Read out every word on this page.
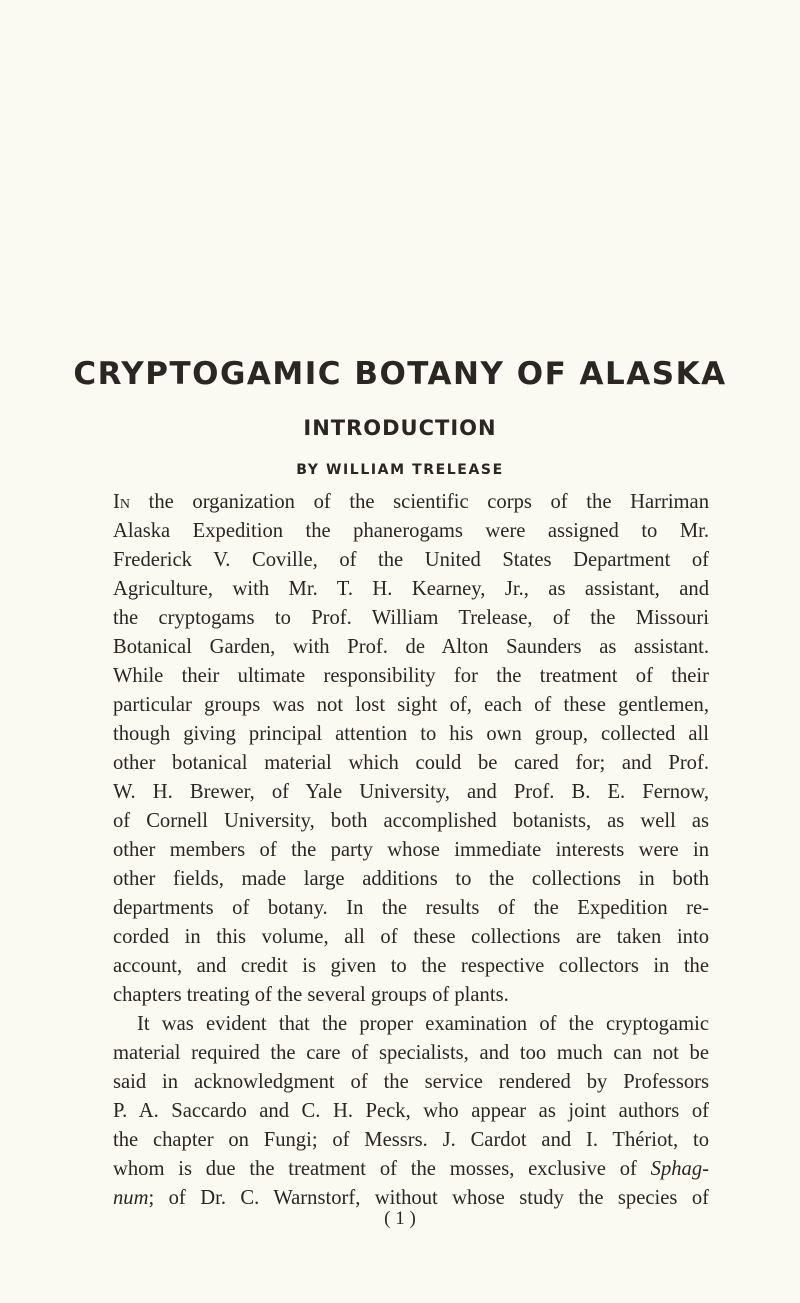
CRYPTOGAMIC BOTANY OF ALASKA
INTRODUCTION
BY WILLIAM TRELEASE
In the organization of the scientific corps of the Harriman
Alaska Expedition the phanerogams were assigned to Mr.
Frederick V. Coville, of the United States Department of
Agriculture, with Mr. T. H. Kearney, Jr., as assistant, and
the cryptogams to Prof. William Trelease, of the Missouri
Botanical Garden, with Prof. de Alton Saunders as assistant.
While their ultimate responsibility for the treatment of their
particular groups was not lost sight of, each of these gentlemen,
though giving principal attention to his own group, collected all
other botanical material which could be cared for; and Prof.
W. H. Brewer, of Yale University, and Prof. B. E. Fernow,
of Cornell University, both accomplished botanists, as well as
other members of the party whose immediate interests were in
other fields, made large additions to the collections in both
departments of botany. In the results of the Expedition re-
corded in this volume, all of these collections are taken into
account, and credit is given to the respective collectors in the
chapters treating of the several groups of plants.
It was evident that the proper examination of the cryptogamic
material required the care of specialists, and too much can not be
said in acknowledgment of the service rendered by Professors
P. A. Saccardo and C. H. Peck, who appear as joint authors of
the chapter on Fungi; of Messrs. J. Cardot and I. Thériot, to
whom is due the treatment of the mosses, exclusive of Sphag-
num; of Dr. C. Warnstorf, without whose study the species of
( 1 )
